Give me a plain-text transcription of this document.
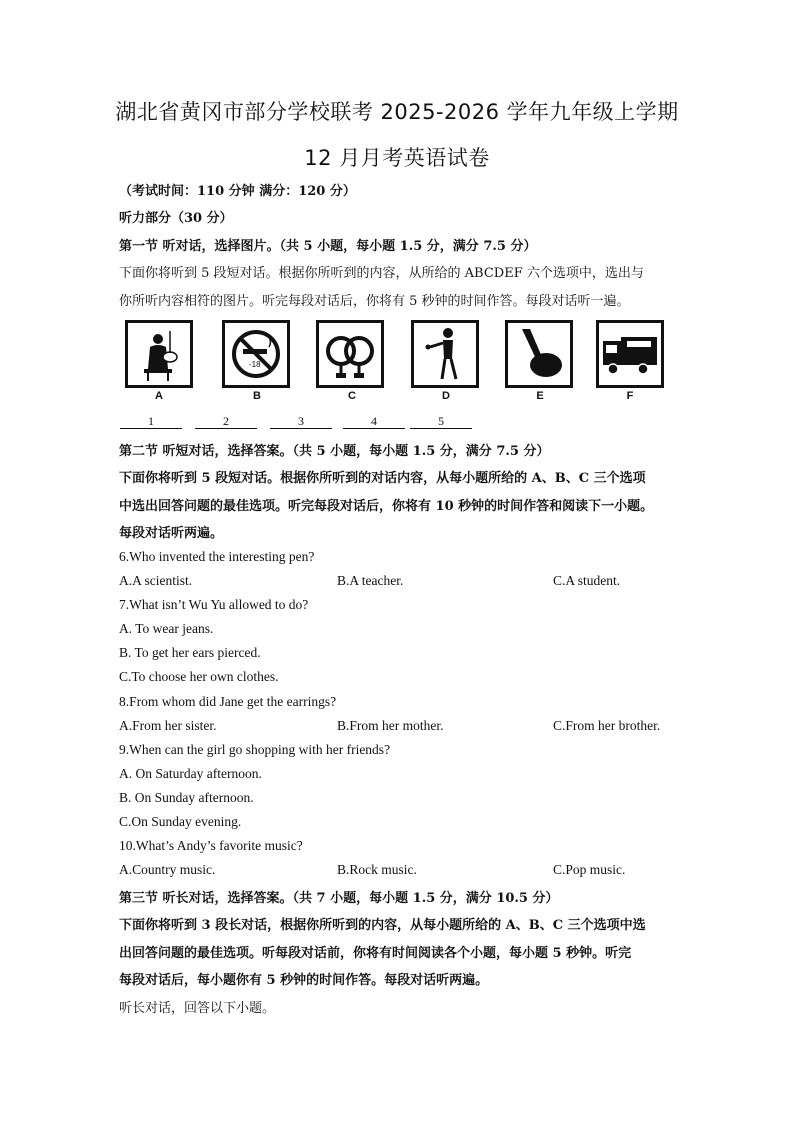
湖北省黄冈市部分学校联考 2025-2026 学年九年级上学期
12 月月考英语试卷
（考试时间：110 分钟 满分：120 分）
听力部分（30 分）
第一节 听对话，选择图片。（共 5 小题，每小题 1.5 分，满分 7.5 分）
下面你将听到 5 段短对话。根据你所听到的内容，从所给的 ABCDEF 六个选项中，选出与
你所听内容相符的图片。听完每段对话后，你将有 5 秒钟的时间作答。每段对话听一遍。
A
-18
B	C	D	E	F
1	2	3	4	5
第二节 听短对话，选择答案。（共 5 小题，每小题 1.5 分，满分 7.5 分）
下面你将听到 5 段短对话。根据你所听到的对话内容，从每小题所给的 A、B、C 三个选项
中选出回答问题的最佳选项。听完每段对话后，你将有 10 秒钟的时间作答和阅读下一小题。
每段对话听两遍。
6.Who invented the interesting pen?
A.A scientist.	B.A teacher.	C.A student.
7.What isn’t Wu Yu allowed to do?
A. To wear jeans.
B. To get her ears pierced.
C.To choose her own clothes.
8.From whom did Jane get the earrings?
A.From her sister.	B.From her mother.	C.From her brother.
9.When can the girl go shopping with her friends?
A. On Saturday afternoon.
B. On Sunday afternoon.
C.On Sunday evening.
10.What’s Andy’s favorite music?
A.Country music.	B.Rock music.	C.Pop music.
第三节 听长对话，选择答案。（共 7 小题，每小题 1.5 分，满分 10.5 分）
下面你将听到 3 段长对话，根据你所听到的内容，从每小题所给的 A、B、C 三个选项中选
出回答问题的最佳选项。听每段对话前，你将有时间阅读各个小题，每小题 5 秒钟。听完
每段对话后，每小题你有 5 秒钟的时间作答。每段对话听两遍。
听长对话，回答以下小题。
